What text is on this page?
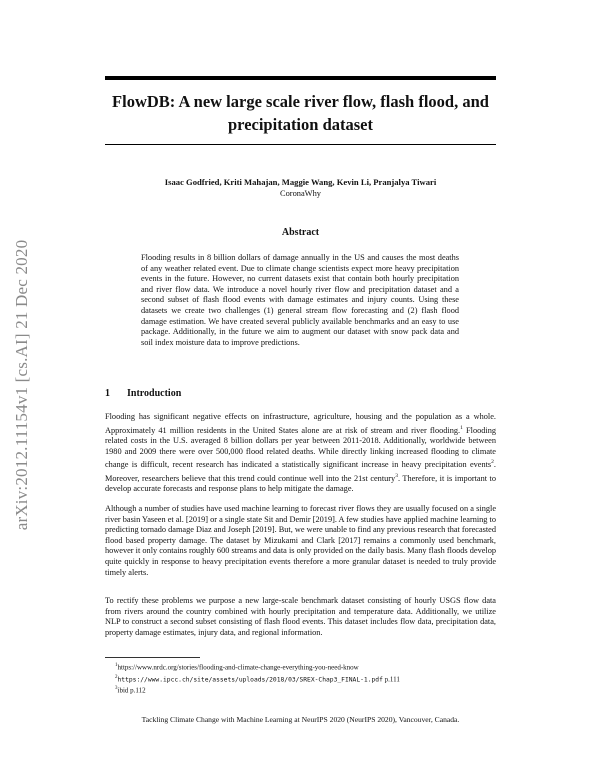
arXiv:2012.11154v1 [cs.AI] 21 Dec 2020
FlowDB: A new large scale river flow, flash flood, and precipitation dataset
Isaac Godfried, Kriti Mahajan, Maggie Wang, Kevin Li, Pranjalya Tiwari
CoronaWhy
Abstract
Flooding results in 8 billion dollars of damage annually in the US and causes the most deaths of any weather related event. Due to climate change scientists expect more heavy precipitation events in the future. However, no current datasets exist that contain both hourly precipitation and river flow data. We introduce a novel hourly river flow and precipitation dataset and a second subset of flash flood events with damage estimates and injury counts. Using these datasets we create two challenges (1) general stream flow forecasting and (2) flash flood damage estimation. We have created several publicly available benchmarks and an easy to use package. Additionally, in the future we aim to augment our dataset with snow pack data and soil index moisture data to improve predictions.
1 Introduction
Flooding has significant negative effects on infrastructure, agriculture, housing and the population as a whole. Approximately 41 million residents in the United States alone are at risk of stream and river flooding.$^1$ Flooding related costs in the U.S. averaged 8 billion dollars per year between 2011-2018. Additionally, worldwide between 1980 and 2009 there were over 500,000 flood related deaths. While directly linking increased flooding to climate change is difficult, recent research has indicated a statistically significant increase in heavy precipitation events$^2$. Moreover, researchers believe that this trend could continue well into the 21st century$^3$. Therefore, it is important to develop accurate forecasts and response plans to help mitigate the damage.
Although a number of studies have used machine learning to forecast river flows they are usually focused on a single river basin Yaseen et al. [2019] or a single state Sit and Demir [2019]. A few studies have applied machine learning to predicting tornado damage Diaz and Joseph [2019]. But, we were unable to find any previous research that forecasted flood based property damage. The dataset by Mizukami and Clark [2017] remains a commonly used benchmark, however it only contains roughly 600 streams and data is only provided on the daily basis. Many flash floods develop quite quickly in response to heavy precipitation events therefore a more granular dataset is needed to truly provide timely alerts.
To rectify these problems we purpose a new large-scale benchmark dataset consisting of hourly USGS flow data from rivers around the country combined with hourly precipitation and temperature data. Additionally, we utilize NLP to construct a second subset consisting of flash flood events. This dataset includes flow data, precipitation data, property damage estimates, injury data, and regional information.
$^1$https://www.nrdc.org/stories/flooding-and-climate-change-everything-you-need-know
$^2$https://www.ipcc.ch/site/assets/uploads/2018/03/SREX-Chap3_FINAL-1.pdf p.111
$^3$ibid p.112
Tackling Climate Change with Machine Learning at NeurIPS 2020 (NeurIPS 2020), Vancouver, Canada.
